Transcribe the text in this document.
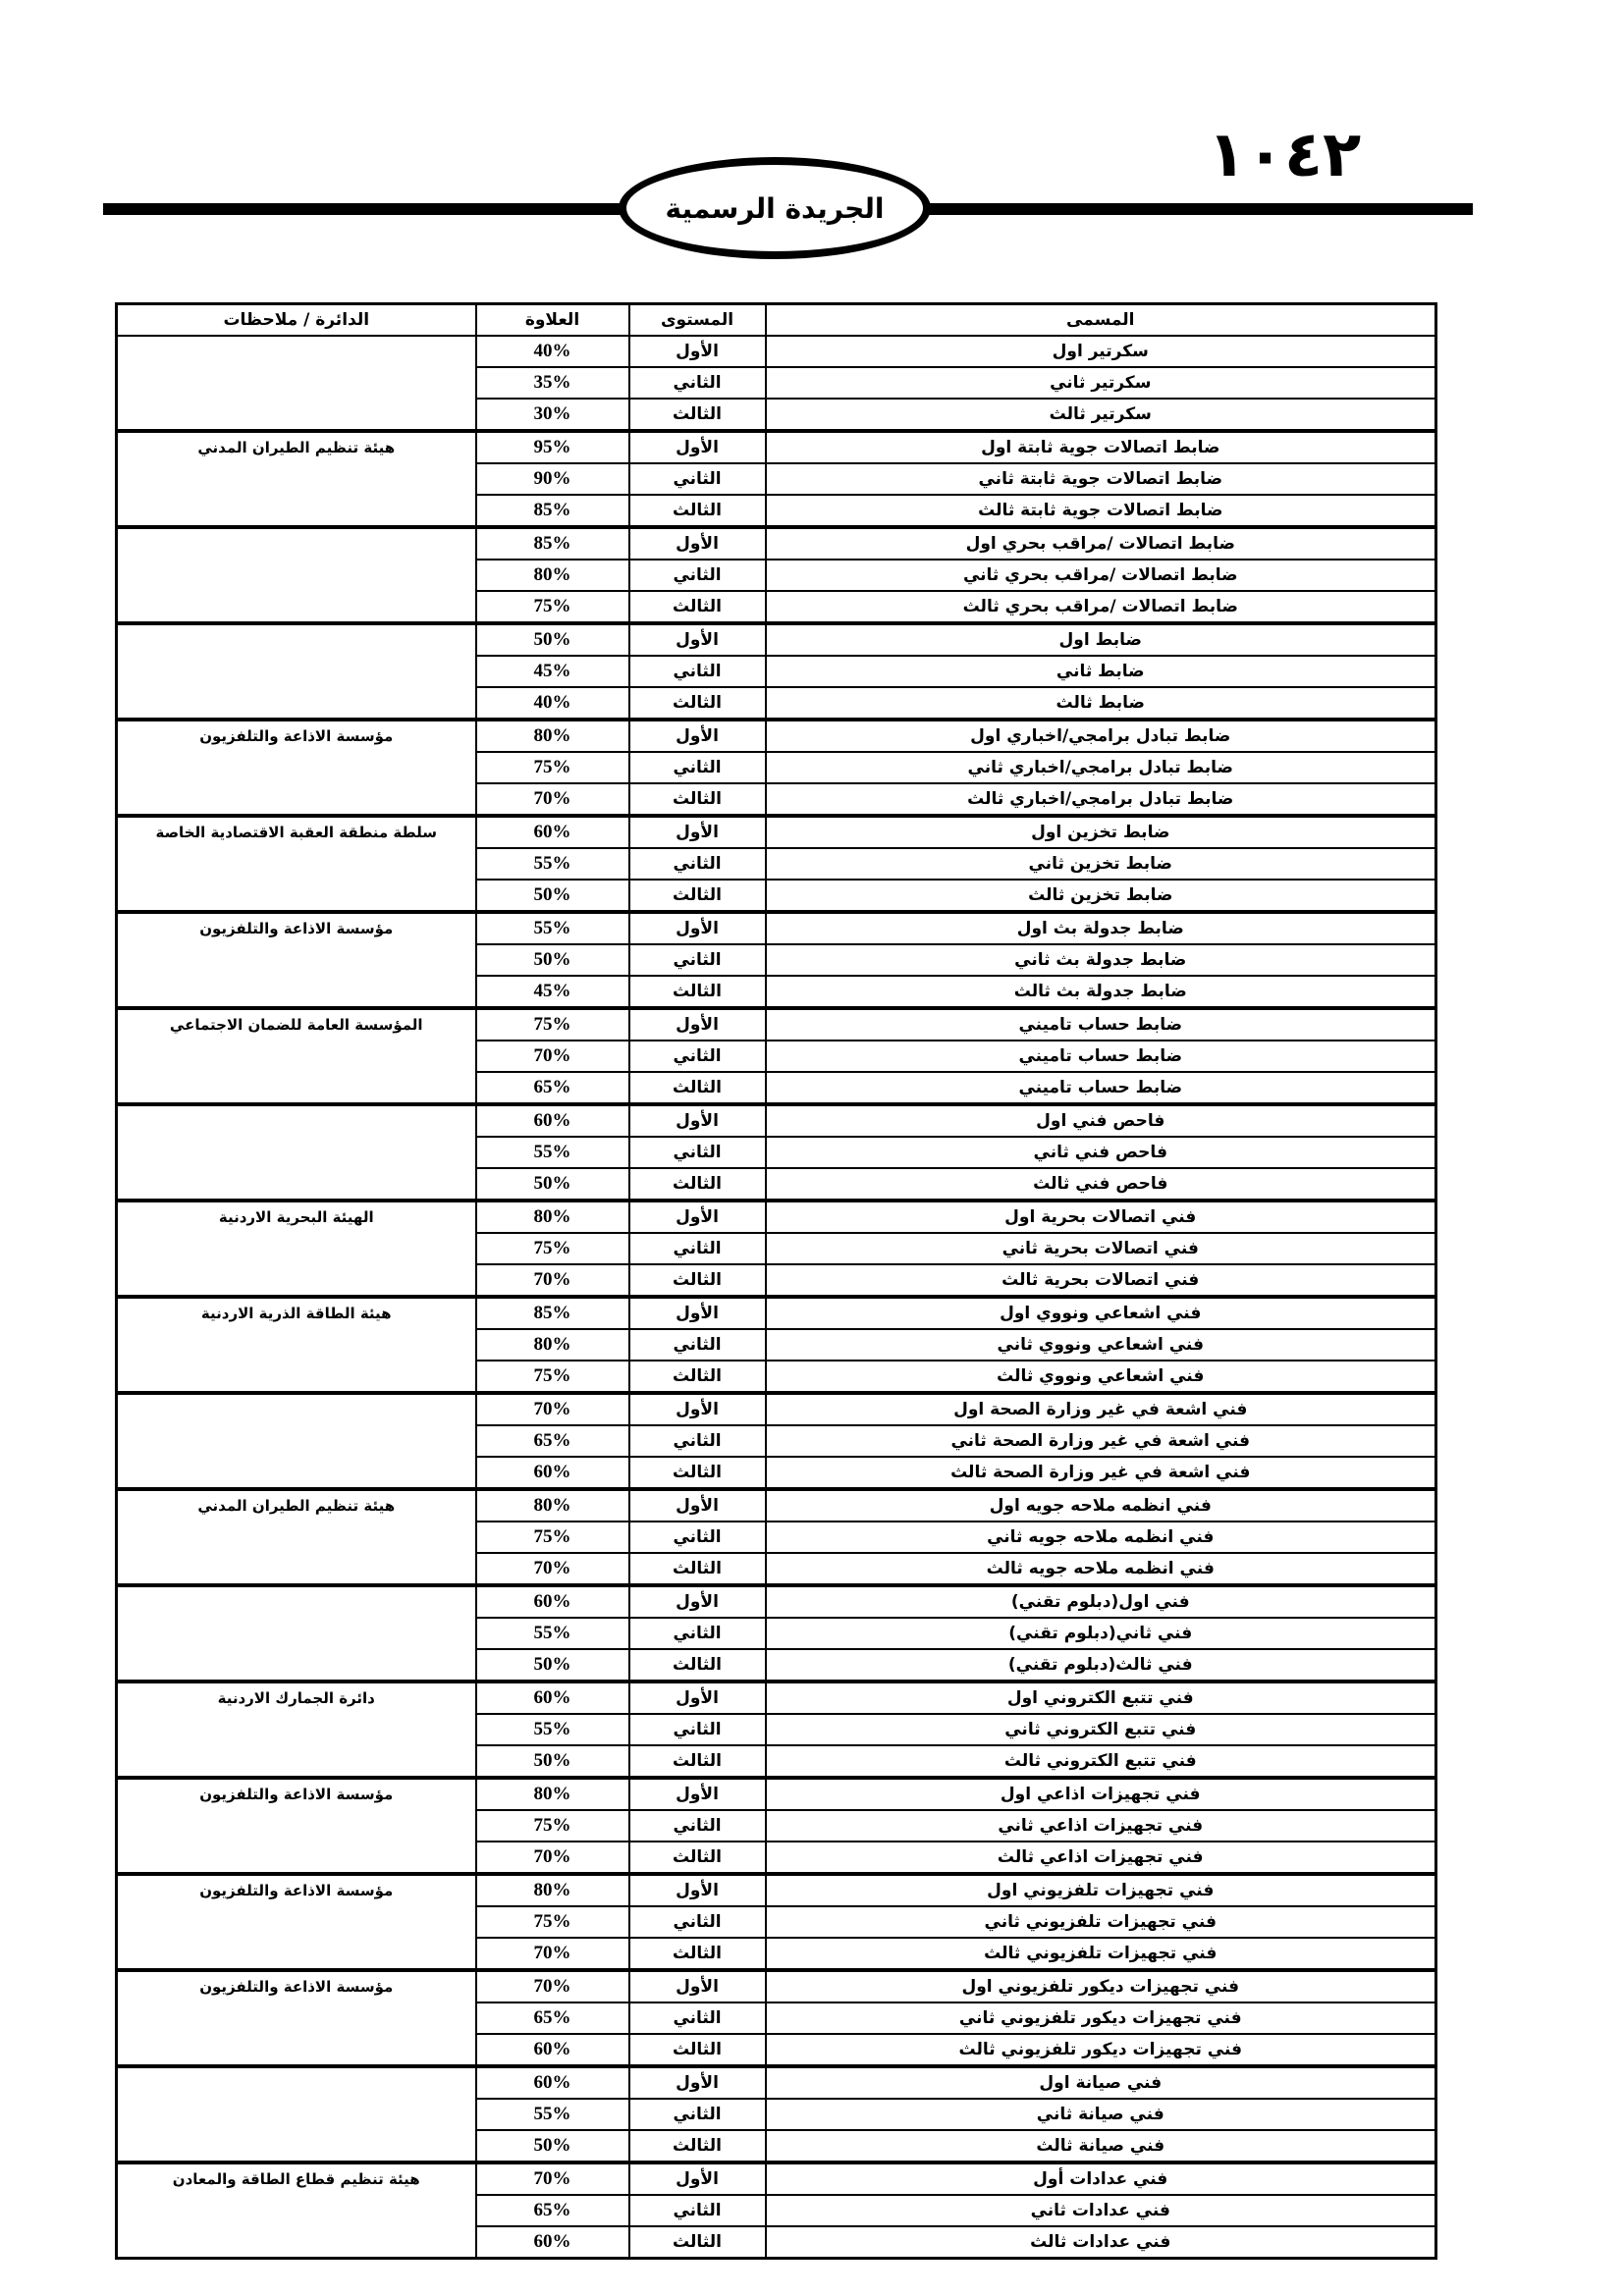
١٠٤٢
الجريدة الرسمية
المسمى	المستوى	العلاوة	الدائرة / ملاحظات
سكرتير اول	الأول	40%	
سكرتير ثاني	الثاني	35%	
سكرتير ثالث	الثالث	30%	
ضابط اتصالات جوية ثابتة اول	الأول	95%	هيئة تنظيم الطيران المدني
ضابط اتصالات جوية ثابتة ثاني	الثاني	90%	
ضابط اتصالات جوية ثابتة ثالث	الثالث	85%	
ضابط اتصالات /مراقب بحري اول	الأول	85%	
ضابط اتصالات /مراقب بحري ثاني	الثاني	80%	
ضابط اتصالات /مراقب بحري ثالث	الثالث	75%	
ضابط اول	الأول	50%	
ضابط ثاني	الثاني	45%	
ضابط ثالث	الثالث	40%	
ضابط تبادل برامجي/اخباري اول	الأول	80%	مؤسسة الاذاعة والتلفزيون
ضابط تبادل برامجي/اخباري ثاني	الثاني	75%	
ضابط تبادل برامجي/اخباري ثالث	الثالث	70%	
ضابط تخزين اول	الأول	60%	سلطة منطقة العقبة الاقتصادية الخاصة
ضابط تخزين ثاني	الثاني	55%	
ضابط تخزين ثالث	الثالث	50%	
ضابط جدولة بث اول	الأول	55%	مؤسسة الاذاعة والتلفزيون
ضابط جدولة بث ثاني	الثاني	50%	
ضابط جدولة بث ثالث	الثالث	45%	
ضابط حساب تاميني	الأول	75%	المؤسسة العامة للضمان الاجتماعي
ضابط حساب تاميني	الثاني	70%	
ضابط حساب تاميني	الثالث	65%	
فاحص فني اول	الأول	60%	
فاحص فني ثاني	الثاني	55%	
فاحص فني ثالث	الثالث	50%	
فني اتصالات بحرية اول	الأول	80%	الهيئة البحرية الاردنية
فني اتصالات بحرية ثاني	الثاني	75%	
فني اتصالات بحرية ثالث	الثالث	70%	
فني اشعاعي ونووي اول	الأول	85%	هيئة الطاقة الذرية الاردنية
فني اشعاعي ونووي ثاني	الثاني	80%	
فني اشعاعي ونووي ثالث	الثالث	75%	
فني اشعة في غير وزارة الصحة اول	الأول	70%	
فني اشعة في غير وزارة الصحة ثاني	الثاني	65%	
فني اشعة في غير وزارة الصحة ثالث	الثالث	60%	
فني انظمه ملاحه جويه اول	الأول	80%	هيئة تنظيم الطيران المدني
فني انظمه ملاحه جويه ثاني	الثاني	75%	
فني انظمه ملاحه جويه ثالث	الثالث	70%	
فني اول(دبلوم تقني)	الأول	60%	
فني ثاني(دبلوم تقني)	الثاني	55%	
فني ثالث(دبلوم تقني)	الثالث	50%	
فني تتبع الكتروني اول	الأول	60%	دائرة الجمارك الاردنية
فني تتبع الكتروني ثاني	الثاني	55%	
فني تتبع الكتروني ثالث	الثالث	50%	
فني تجهيزات اذاعي اول	الأول	80%	مؤسسة الاذاعة والتلفزيون
فني تجهيزات اذاعي ثاني	الثاني	75%	
فني تجهيزات اذاعي ثالث	الثالث	70%	
فني تجهيزات تلفزيوني اول	الأول	80%	مؤسسة الاذاعة والتلفزيون
فني تجهيزات تلفزيوني ثاني	الثاني	75%	
فني تجهيزات تلفزيوني ثالث	الثالث	70%	
فني تجهيزات ديكور تلفزيوني اول	الأول	70%	مؤسسة الاذاعة والتلفزيون
فني تجهيزات ديكور تلفزيوني ثاني	الثاني	65%	
فني تجهيزات ديكور تلفزيوني ثالث	الثالث	60%	
فني صيانة اول	الأول	60%	
فني صيانة ثاني	الثاني	55%	
فني صيانة ثالث	الثالث	50%	
فني عدادات أول	الأول	70%	هيئة تنظيم قطاع الطاقة والمعادن
فني عدادات ثاني	الثاني	65%	
فني عدادات ثالث	الثالث	60%	
